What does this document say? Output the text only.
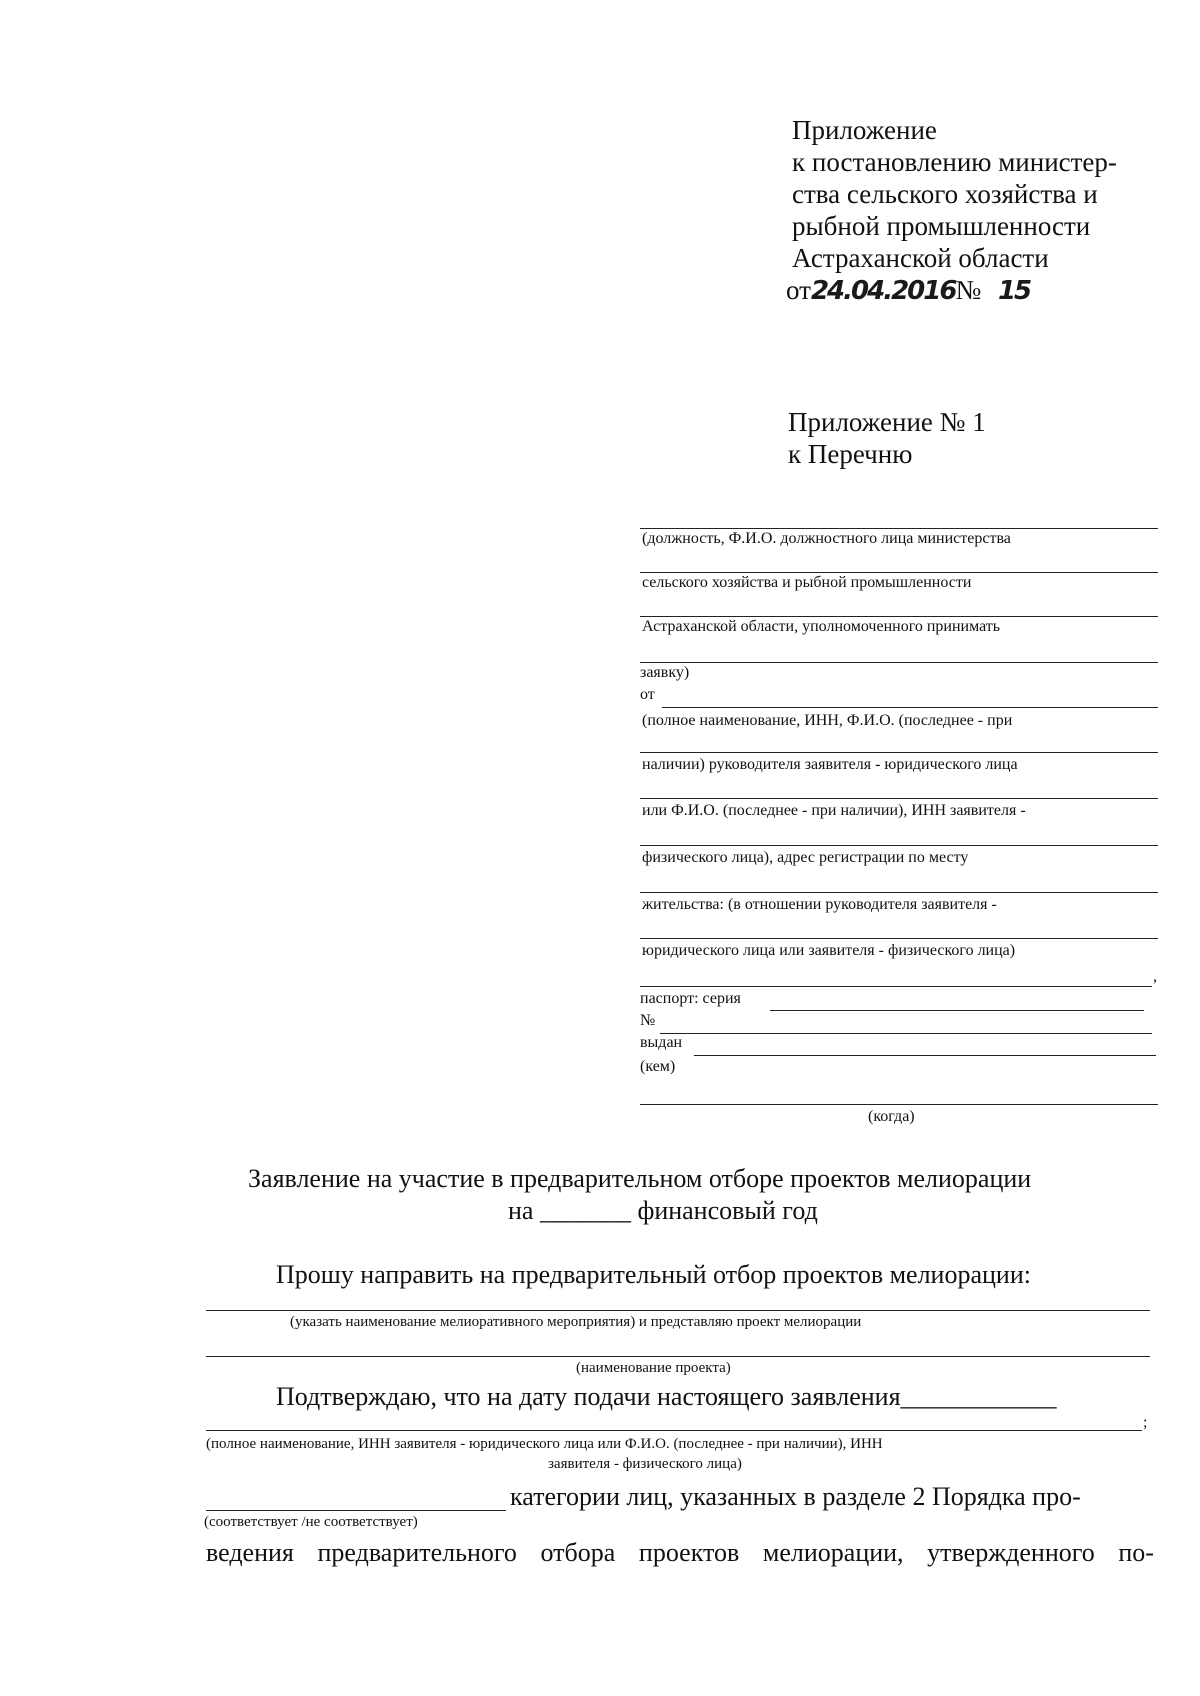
Приложение
к постановлению министер-
ства сельского хозяйства и
рыбной промышленности
Астраханской области
от24.04.2016№ 15
Приложение № 1
к Перечню
(должность, Ф.И.О. должностного лица министерства
сельского хозяйства и рыбной промышленности
Астраханской области, уполномоченного принимать
заявку)
от
(полное наименование, ИНН, Ф.И.О. (последнее - при
наличии) руководителя заявителя - юридического лица
или Ф.И.О. (последнее - при наличии), ИНН заявителя -
физического лица), адрес регистрации по месту
жительства: (в отношении руководителя заявителя -
юридического лица или заявителя - физического лица)
,
паспорт: серия
№
выдан
(кем)
(когда)
Заявление на участие в предварительном отборе проектов мелиорации
на _______ финансовый год
Прошу направить на предварительный отбор проектов мелиорации:
(указать наименование мелиоративного мероприятия) и представляю проект мелиорации
(наименование проекта)
Подтверждаю, что на дату подачи настоящего заявления____________
;
(полное наименование, ИНН заявителя - юридического лица или Ф.И.О. (последнее - при наличии), ИНН
заявителя - физического лица)
категории лиц, указанных в разделе 2 Порядка про-
(соответствует /не соответствует)
ведения предварительного отбора проектов мелиорации, утвержденного по-
